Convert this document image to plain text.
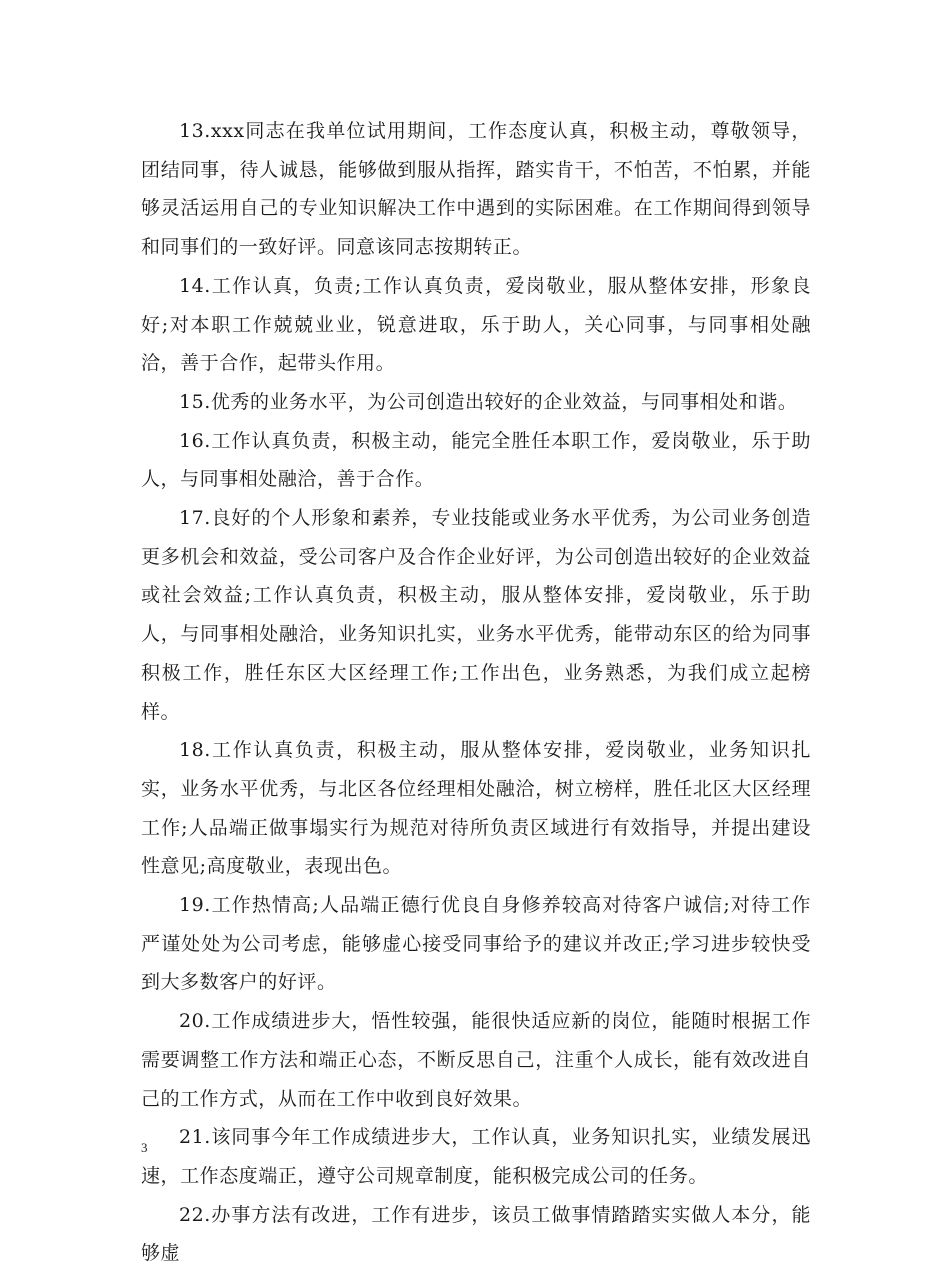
13.xxx同志在我单位试用期间，工作态度认真，积极主动，尊敬领导，团结同事，待人诚恳，能够做到服从指挥，踏实肯干，不怕苦，不怕累，并能够灵活运用自己的专业知识解决工作中遇到的实际困难。在工作期间得到领导和同事们的一致好评。同意该同志按期转正。

14.工作认真，负责;工作认真负责，爱岗敬业，服从整体安排，形象良好;对本职工作兢兢业业，锐意进取，乐于助人，关心同事，与同事相处融洽，善于合作，起带头作用。

15.优秀的业务水平，为公司创造出较好的企业效益，与同事相处和谐。

16.工作认真负责，积极主动，能完全胜任本职工作，爱岗敬业，乐于助人，与同事相处融洽，善于合作。

17.良好的个人形象和素养，专业技能或业务水平优秀，为公司业务创造更多机会和效益，受公司客户及合作企业好评，为公司创造出较好的企业效益或社会效益;工作认真负责，积极主动，服从整体安排，爱岗敬业，乐于助人，与同事相处融洽，业务知识扎实，业务水平优秀，能带动东区的给为同事积极工作，胜任东区大区经理工作;工作出色，业务熟悉，为我们成立起榜样。

18.工作认真负责，积极主动，服从整体安排，爱岗敬业，业务知识扎实，业务水平优秀，与北区各位经理相处融洽，树立榜样，胜任北区大区经理工作;人品端正做事塌实行为规范对待所负责区域进行有效指导，并提出建设性意见;高度敬业，表现出色。

19.工作热情高;人品端正德行优良自身修养较高对待客户诚信;对待工作严谨处处为公司考虑，能够虚心接受同事给予的建议并改正;学习进步较快受到大多数客户的好评。

20.工作成绩进步大，悟性较强，能很快适应新的岗位，能随时根据工作需要调整工作方法和端正心态，不断反思自己，注重个人成长，能有效改进自己的工作方式，从而在工作中收到良好效果。

21.该同事今年工作成绩进步大，工作认真，业务知识扎实，业绩发展迅速，工作态度端正，遵守公司规章制度，能积极完成公司的任务。

22.办事方法有改进，工作有进步，该员工做事情踏踏实实做人本分，能够虚

3
